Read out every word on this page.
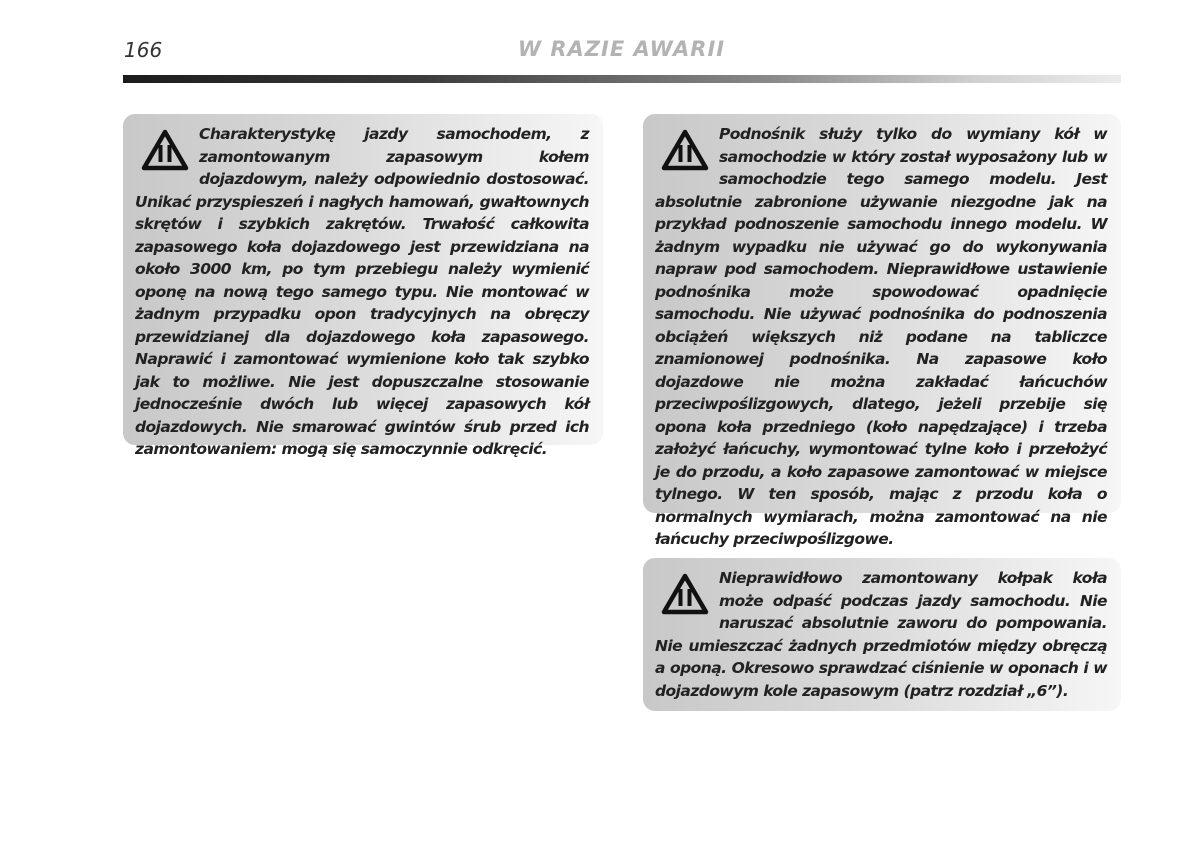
166	W RAZIE AWARII

Charakterystykę jazdy samochodem, z zamontowanym zapasowym kołem dojazdowym, należy odpowiednio dostosować. Unikać przyspieszeń i nagłych hamowań, gwałtownych skrętów i szybkich zakrętów. Trwałość całkowita zapasowego koła dojazdowego jest przewidziana na około 3000 km, po tym przebiegu należy wymienić oponę na nową tego samego typu. Nie montować w żadnym przypadku opon tradycyjnych na obręczy przewidzianej dla dojazdowego koła zapasowego. Naprawić i zamontować wymienione koło tak szybko jak to możliwe. Nie jest dopuszczalne stosowanie jednocześnie dwóch lub więcej zapasowych kół dojazdowych. Nie smarować gwintów śrub przed ich zamontowaniem: mogą się samoczynnie odkręcić.

Podnośnik służy tylko do wymiany kół w samochodzie w który został wyposażony lub w samochodzie tego samego modelu. Jest absolutnie zabronione używanie niezgodne jak na przykład podnoszenie samochodu innego modelu. W żadnym wypadku nie używać go do wykonywania napraw pod samochodem. Nieprawidłowe ustawienie podnośnika może spowodować opadnięcie samochodu. Nie używać podnośnika do podnoszenia obciążeń większych niż podane na tabliczce znamionowej podnośnika. Na zapasowe koło dojazdowe nie można zakładać łańcuchów przeciwpoślizgowych, dlatego, jeżeli przebije się opona koła przedniego (koło napędzające) i trzeba założyć łańcuchy, wymontować tylne koło i przełożyć je do przodu, a koło zapasowe zamontować w miejsce tylnego. W ten sposób, mając z przodu koła o normalnych wymiarach, można zamontować na nie łańcuchy przeciwpoślizgowe.

Nieprawidłowo zamontowany kołpak koła może odpaść podczas jazdy samochodu. Nie naruszać absolutnie zaworu do pompowania. Nie umieszczać żadnych przedmiotów między obręczą a oponą. Okresowo sprawdzać ciśnienie w oponach i w dojazdowym kole zapasowym (patrz rozdział „6”).
